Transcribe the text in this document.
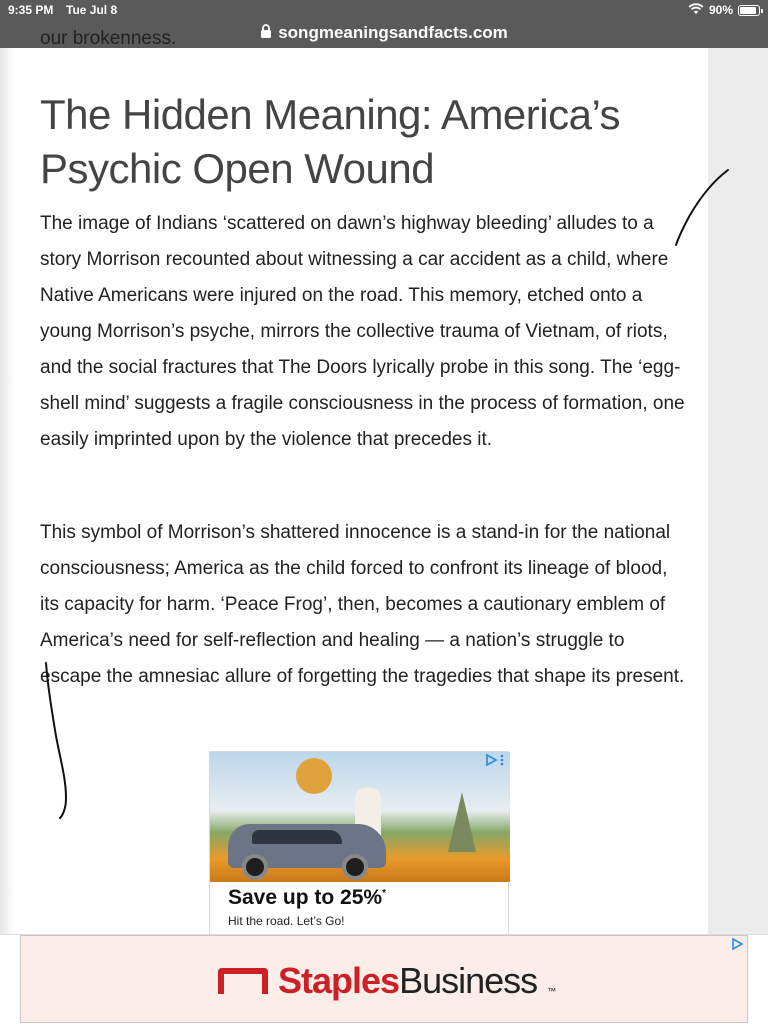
9:35 PM Tue Jul 8	90%
songmeaningsandfacts.com
our brokenness.
The Hidden Meaning: America’s Psychic Open Wound

The image of Indians ‘scattered on dawn’s highway bleeding’ alludes to a story Morrison recounted about witnessing a car accident as a child, where Native Americans were injured on the road. This memory, etched onto a young Morrison’s psyche, mirrors the collective trauma of Vietnam, of riots, and the social fractures that The Doors lyrically probe in this song. The ‘egg-shell mind’ suggests a fragile consciousness in the process of formation, one easily imprinted upon by the violence that precedes it.

This symbol of Morrison’s shattered innocence is a stand-in for the national consciousness; America as the child forced to confront its lineage of blood, its capacity for harm. ‘Peace Frog’, then, becomes a cautionary emblem of America’s need for self-reflection and healing — a nation’s struggle to escape the amnesiac allure of forgetting the tragedies that shape its present.

Save up to 25%*
Hit the road. Let’s Go!
Staples Business ™
